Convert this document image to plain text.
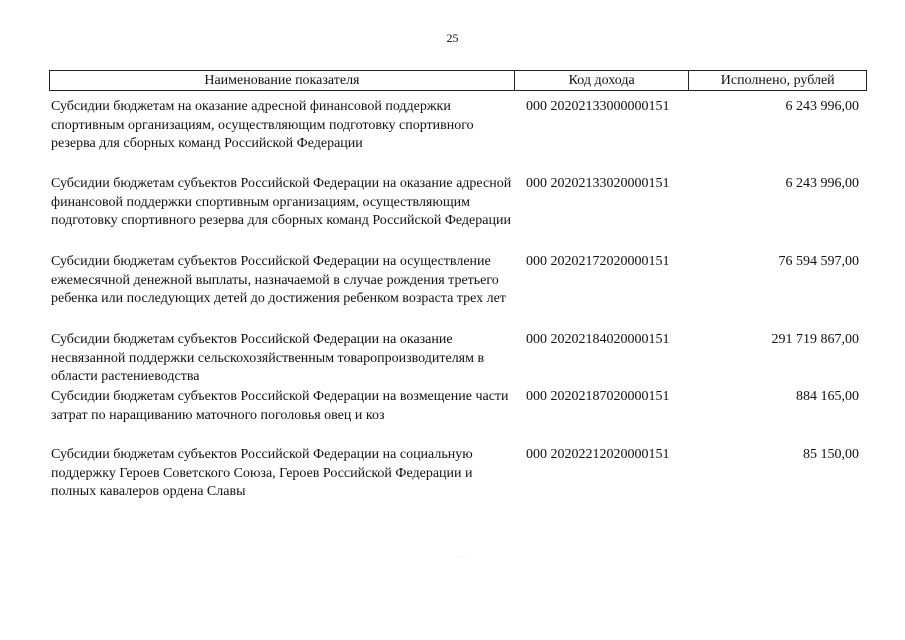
25
Наименование показателя	Код дохода	Исполнено, рублей
Субсидии бюджетам на оказание адресной финансовой поддержки спортивным организациям, осуществляющим подготовку спортивного резерва для сборных команд Российской Федерации
000 20202133000000151	6 243 996,00
Субсидии бюджетам субъектов Российской Федерации на оказание адресной финансовой поддержки спортивным организациям, осуществляющим подготовку спортивного резерва для сборных команд Российской Федерации
000 20202133020000151	6 243 996,00
Субсидии бюджетам субъектов Российской Федерации на осуществление ежемесячной денежной выплаты, назначаемой в случае рождения третьего ребенка или последующих детей до достижения ребенком возраста трех лет
000 20202172020000151	76 594 597,00
Субсидии бюджетам субъектов Российской Федерации на оказание несвязанной поддержки сельскохозяйственным товаропроизводителям в области растениеводства
000 20202184020000151	291 719 867,00
Субсидии бюджетам субъектов Российской Федерации на возмещение части затрат по наращиванию маточного поголовья овец и коз
000 20202187020000151	884 165,00
Субсидии бюджетам субъектов Российской Федерации на социальную поддержку Героев Советского Союза, Героев Российской Федерации и полных кавалеров ордена Славы
000 20202212020000151	85 150,00
· ·
